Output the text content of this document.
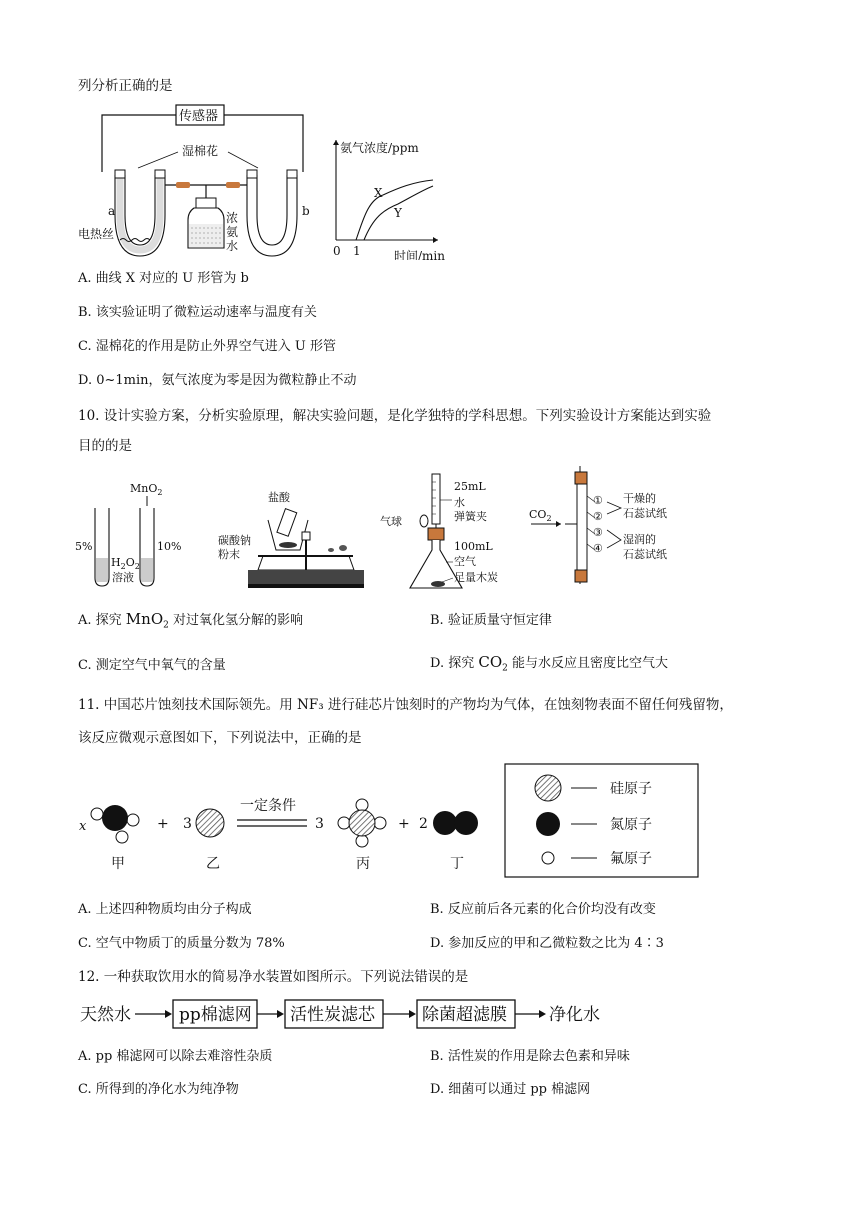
列分析正确的是
传感器
湿棉花
浓
氨
水
a	b
电热丝
氨气浓度/ppm
0 1	时间/min
X
Y
A. 曲线 X 对应的 U 形管为 b
B. 该实验证明了微粒运动速率与温度有关
C. 湿棉花的作用是防止外界空气进入 U 形管
D. 0~1min，氨气浓度为零是因为微粒静止不动
10. 设计实验方案，分析实验原理，解决实验问题，是化学独特的学科思想。下列实验设计方案能达到实验
目的的是
MnO$_2$
5%	10%
$H_2O_2$
溶液
盐酸
碳酸钠
粉末
25mL
水
弹簧夹
气球
100mL
空气
足量木炭
$CO_2$
①
②
③
④
干燥的
石蕊试纸
湿润的
石蕊试纸
A. 探究 MnO$_2$ 对过氧化氢分解的影响	B. 验证质量守恒定律
C. 测定空气中氧气的含量	D. 探究 $CO_2$ 能与水反应且密度比空气大
11. 中国芯片蚀刻技术国际领先。用 NF₃ 进行硅芯片蚀刻时的产物均为气体，在蚀刻物表面不留任何残留物，
该反应微观示意图如下，下列说法中，正确的是
x
甲
+ 3
乙
一定条件
3
丙
+ 2
丁
硅原子
氮原子
氟原子
A. 上述四种物质均由分子构成	B. 反应前后各元素的化合价均没有改变
C. 空气中物质丁的质量分数为 78%	D. 参加反应的甲和乙微粒数之比为 4∶3
12. 一种获取饮用水的简易净水装置如图所示。下列说法错误的是
天然水	pp棉滤网 活性炭滤芯	除菌超滤膜 净化水
A. pp 棉滤网可以除去难溶性杂质	B. 活性炭的作用是除去色素和异味
C. 所得到的净化水为纯净物	D. 细菌可以通过 pp 棉滤网
